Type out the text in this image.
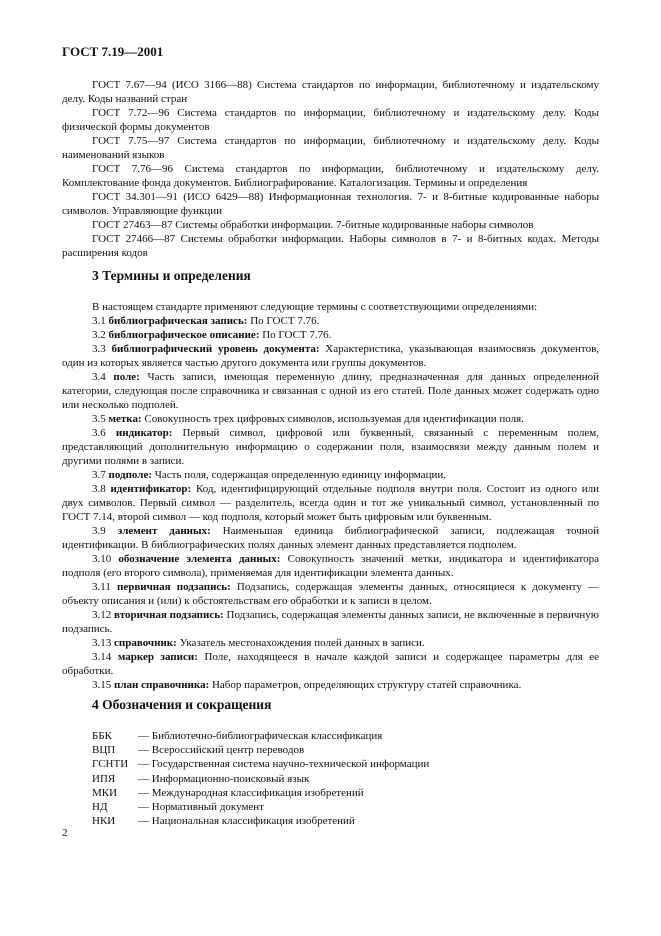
ГОСТ 7.19—2001

ГОСТ 7.67—94 (ИСО 3166—88) Система стандартов по информации, библиотечному и издательскому делу. Коды названий стран

ГОСТ 7.72—96 Система стандартов по информации, библиотечному и издательскому делу. Коды физической формы документов

ГОСТ 7.75—97 Система стандартов по информации, библиотечному и издательскому делу. Коды наименований языков

ГОСТ 7.76—96 Система стандартов по информации, библиотечному и издательскому делу. Комплектование фонда документов. Библиографирование. Каталогизация. Термины и определения

ГОСТ 34.301—91 (ИСО 6429—88) Информационная технология. 7- и 8-битные кодированные наборы символов. Управляющие функции

ГОСТ 27463—87 Системы обработки информации. 7-битные кодированные наборы символов

ГОСТ 27466—87 Системы обработки информации. Наборы символов в 7- и 8-битных кодах. Методы расширения кодов

3 Термины и определения

В настоящем стандарте применяют следующие термины с соответствующими определениями:

3.1 библиографическая запись: По ГОСТ 7.76.

3.2 библиографическое описание: По ГОСТ 7.76.

3.3 библиографический уровень документа: Характеристика, указывающая взаимосвязь документов, один из которых является частью другого документа или группы документов.

3.4 поле: Часть записи, имеющая переменную длину, предназначенная для данных определенной категории, следующая после справочника и связанная с одной из его статей. Поле данных может содержать одно или несколько подполей.

3.5 метка: Совокупность трех цифровых символов, используемая для идентификации поля.

3.6 индикатор: Первый символ, цифровой или буквенный, связанный с переменным полем, представляющий дополнительную информацию о содержании поля, взаимосвязи между данным полем и другими полями в записи.

3.7 подполе: Часть поля, содержащая определенную единицу информации.

3.8 идентификатор: Код, идентифицирующий отдельные подполя внутри поля. Состоит из одного или двух символов. Первый символ — разделитель, всегда один и тот же уникальный символ, установленный по ГОСТ 7.14, второй символ — код подполя, который может быть цифровым или буквенным.

3.9 элемент данных: Наименьшая единица библиографической записи, подлежащая точной идентификации. В библиографических полях данных элемент данных представляется подполем.

3.10 обозначение элемента данных: Совокупность значений метки, индикатора и идентификатора подполя (его второго символа), применяемая для идентификации элемента данных.

3.11 первичная подзапись: Подзапись, содержащая элементы данных, относящиеся к документу — объекту описания и (или) к обстоятельствам его обработки и к записи в целом.

3.12 вторичная подзапись: Подзапись, содержащая элементы данных записи, не включенные в первичную подзапись.

3.13 справочник: Указатель местонахождения полей данных в записи.

3.14 маркер записи: Поле, находящееся в начале каждой записи и содержащее параметры для ее обработки.

3.15 план справочника: Набор параметров, определяющих структуру статей справочника.

4 Обозначения и сокращения
ББК	— Библиотечно-библиографическая классификация
ВЦП	— Всероссийский центр переводов
ГСНТИ — Государственная система научно-технической информации
ИПЯ	— Информационно-поисковый язык
МКИ	— Международная классификация изобретений
НД	— Нормативный документ
НКИ	— Национальная классификация изобретений
2
